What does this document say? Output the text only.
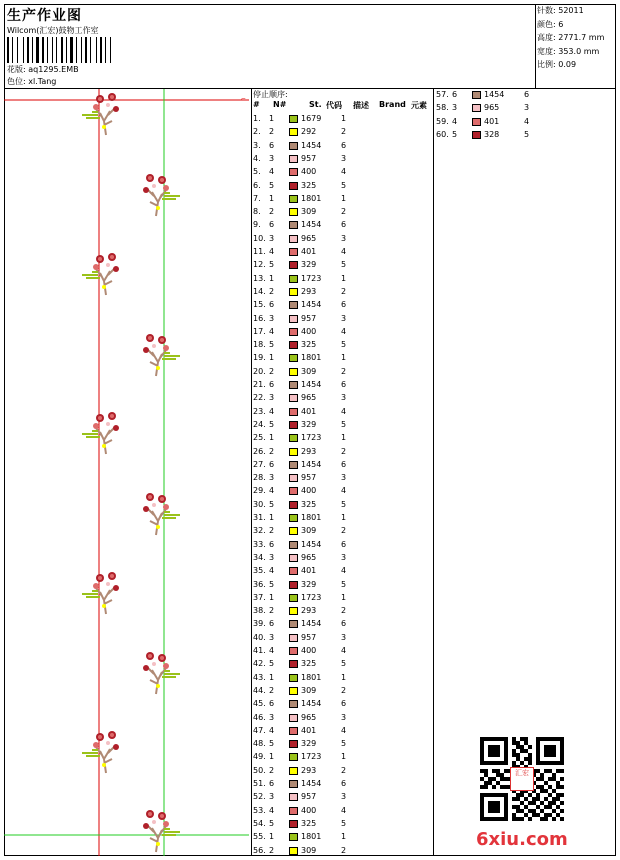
生产作业图
Wilcom(汇宏)鼓物工作室
花版: aq1295.EMB
色位: xl.Tang
针数: 52011
颜色: 6
高度: 2771.7 mm
宽度: 353.0 mm
比例: 0.09
⌐
停止顺序:
# N#	St. 代码 描述 Brand 元素
1.	1	1679	1
2.	2	292	2
3.	6	1454	6
4.	3	957	3
5.	4	400	4
6.	5	325	5
7.	1	1801	1
8.	2	309	2
9.	6	1454	6
10. 3	965	3
11. 4	401	4
12. 5	329	5
13. 1	1723	1
14. 2	293	2
15. 6	1454	6
16. 3	957	3
17. 4	400	4
18. 5	325	5
19. 1	1801	1
20. 2	309	2
21. 6	1454	6
22. 3	965	3
23. 4	401	4
24. 5	329	5
25. 1	1723	1
26. 2	293	2
27. 6	1454	6
28. 3	957	3
29. 4	400	4
30. 5	325	5
31. 1	1801	1
32. 2	309	2
33. 6	1454	6
34. 3	965	3
35. 4	401	4
36. 5	329	5
37. 1	1723	1
38. 2	293	2
39. 6	1454	6
40. 3	957	3
41. 4	400	4
42. 5	325	5
43. 1	1801	1
44. 2	309	2
45. 6	1454	6
46. 3	965	3
47. 4	401	4
48. 5	329	5
49. 1	1723	1
50. 2	293	2
51. 6	1454	6
52. 3	957	3
53. 4	400	4
54. 5	325	5
55. 1	1801	1
56. 2	309	2
57. 6	1454	6
58. 3	965	3
59. 4	401	4
60. 5	328	5
汇宏
6xiu.com
